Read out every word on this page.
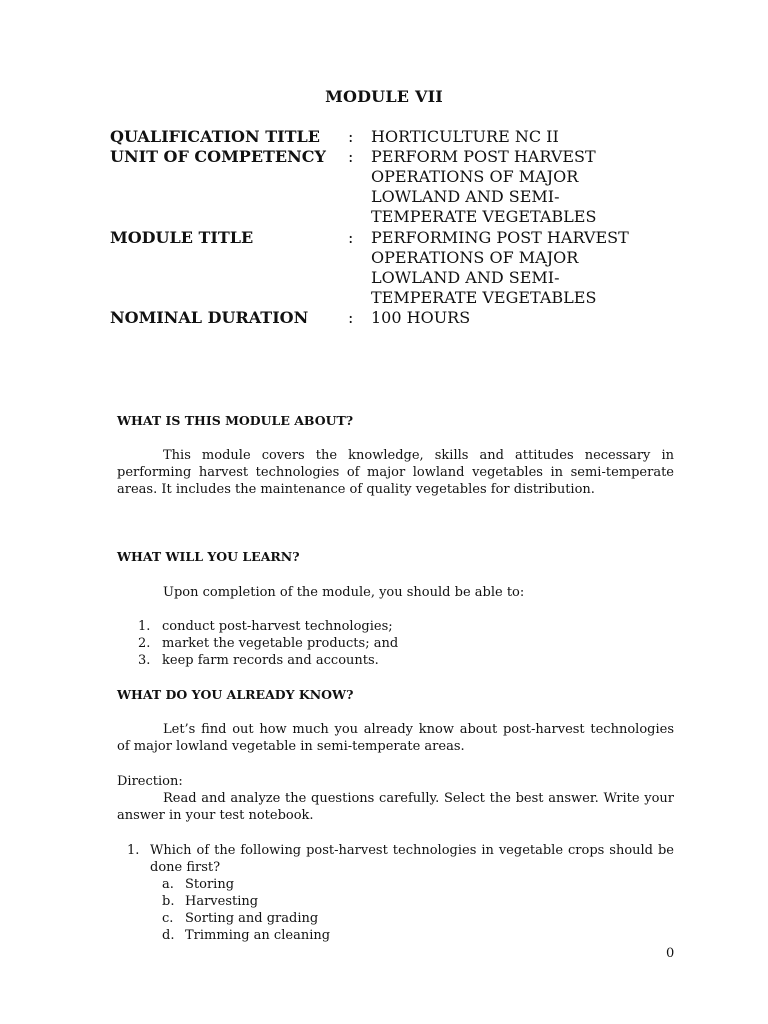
MODULE VII
QUALIFICATION TITLE	: HORTICULTURE NC II
UNIT OF COMPETENCY	: PERFORM POST HARVEST
OPERATIONS OF MAJOR
LOWLAND AND SEMI-
TEMPERATE VEGETABLES
MODULE TITLE	: PERFORMING POST HARVEST
OPERATIONS OF MAJOR
LOWLAND AND SEMI-
TEMPERATE VEGETABLES
NOMINAL DURATION	: 100 HOURS
WHAT IS THIS MODULE ABOUT?
This module covers the knowledge, skills and attitudes necessary in performing harvest technologies of major lowland vegetables in semi-temperate areas. It includes the maintenance of quality vegetables for distribution.
WHAT WILL YOU LEARN?
Upon completion of the module, you should be able to:
1. conduct post-harvest technologies;
2. market the vegetable products; and
3. keep farm records and accounts.
WHAT DO YOU ALREADY KNOW?
Let’s find out how much you already know about post-harvest technologies of major lowland vegetable in semi-temperate areas.
Direction:
Read and analyze the questions carefully. Select the best answer. Write your answer in your test notebook.
1. Which of the following post-harvest technologies in vegetable crops should be done first?
a. Storing
b. Harvesting
c. Sorting and grading
d. Trimming an cleaning
0
